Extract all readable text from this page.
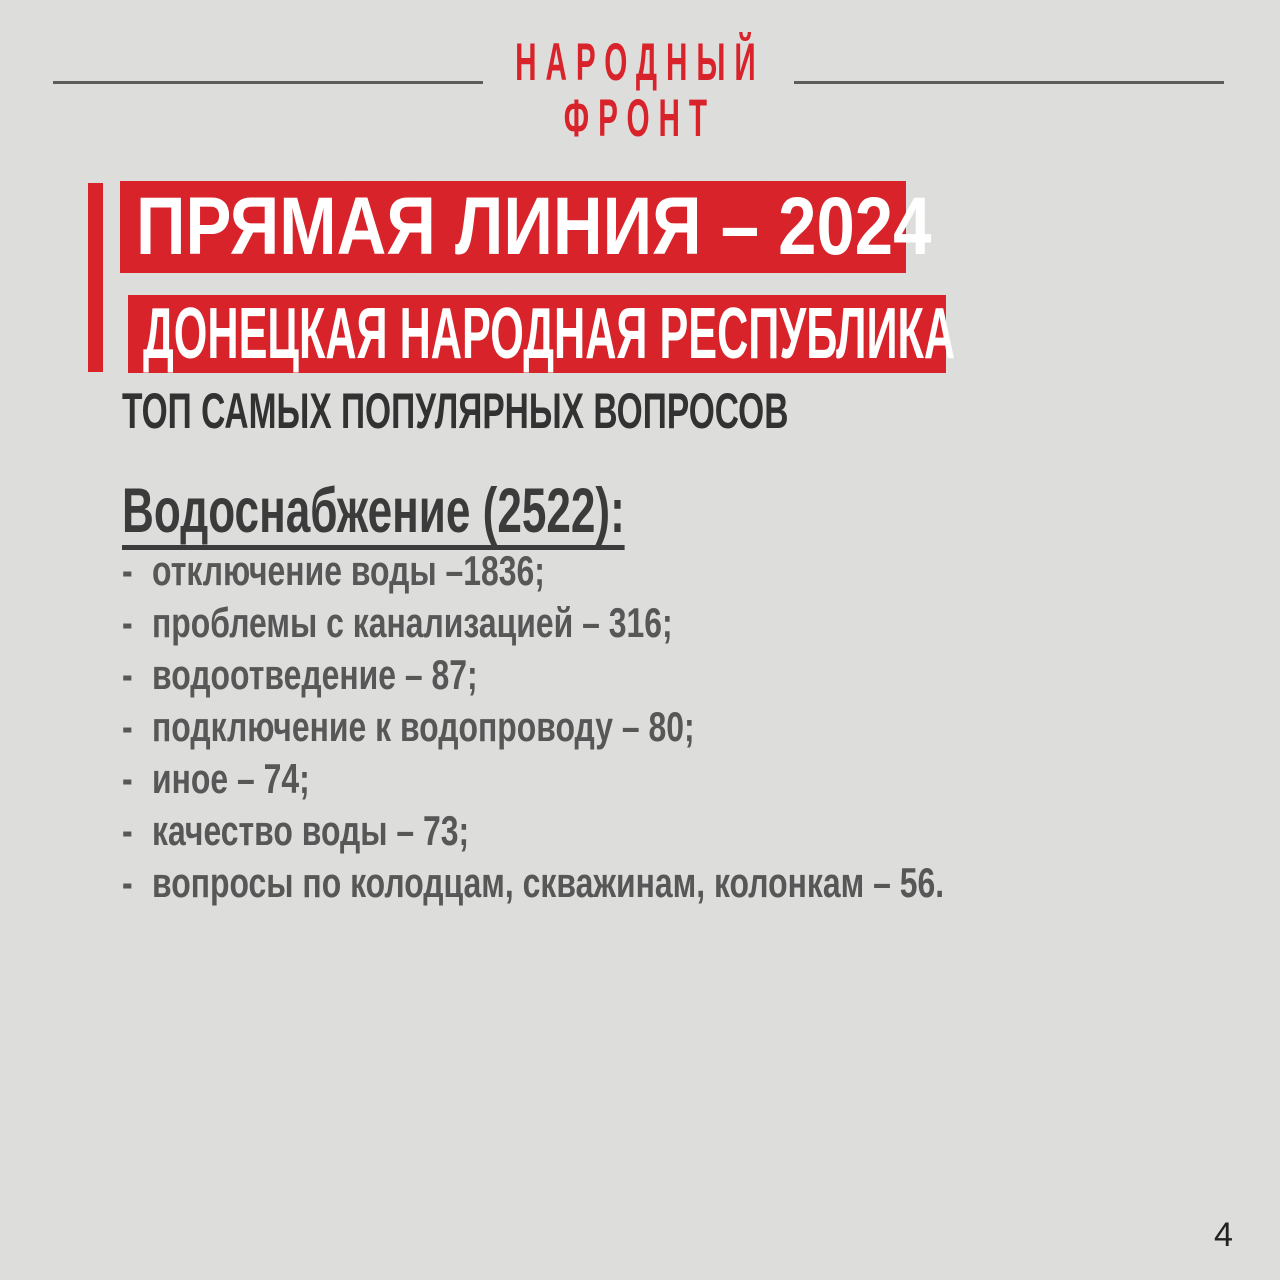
НАРОДНЫЙ
ФРОНТ
ПРЯМАЯ ЛИНИЯ – 2024
ДОНЕЦКАЯ НАРОДНАЯ РЕСПУБЛИКА
ТОП САМЫХ ПОПУЛЯРНЫХ ВОПРОСОВ
Водоснабжение (2522):
- отключение воды –1836;
- проблемы с канализацией – 316;
- водоотведение – 87;
- подключение к водопроводу – 80;
- иное – 74;
- качество воды – 73;
- вопросы по колодцам, скважинам, колонкам – 56.
4
